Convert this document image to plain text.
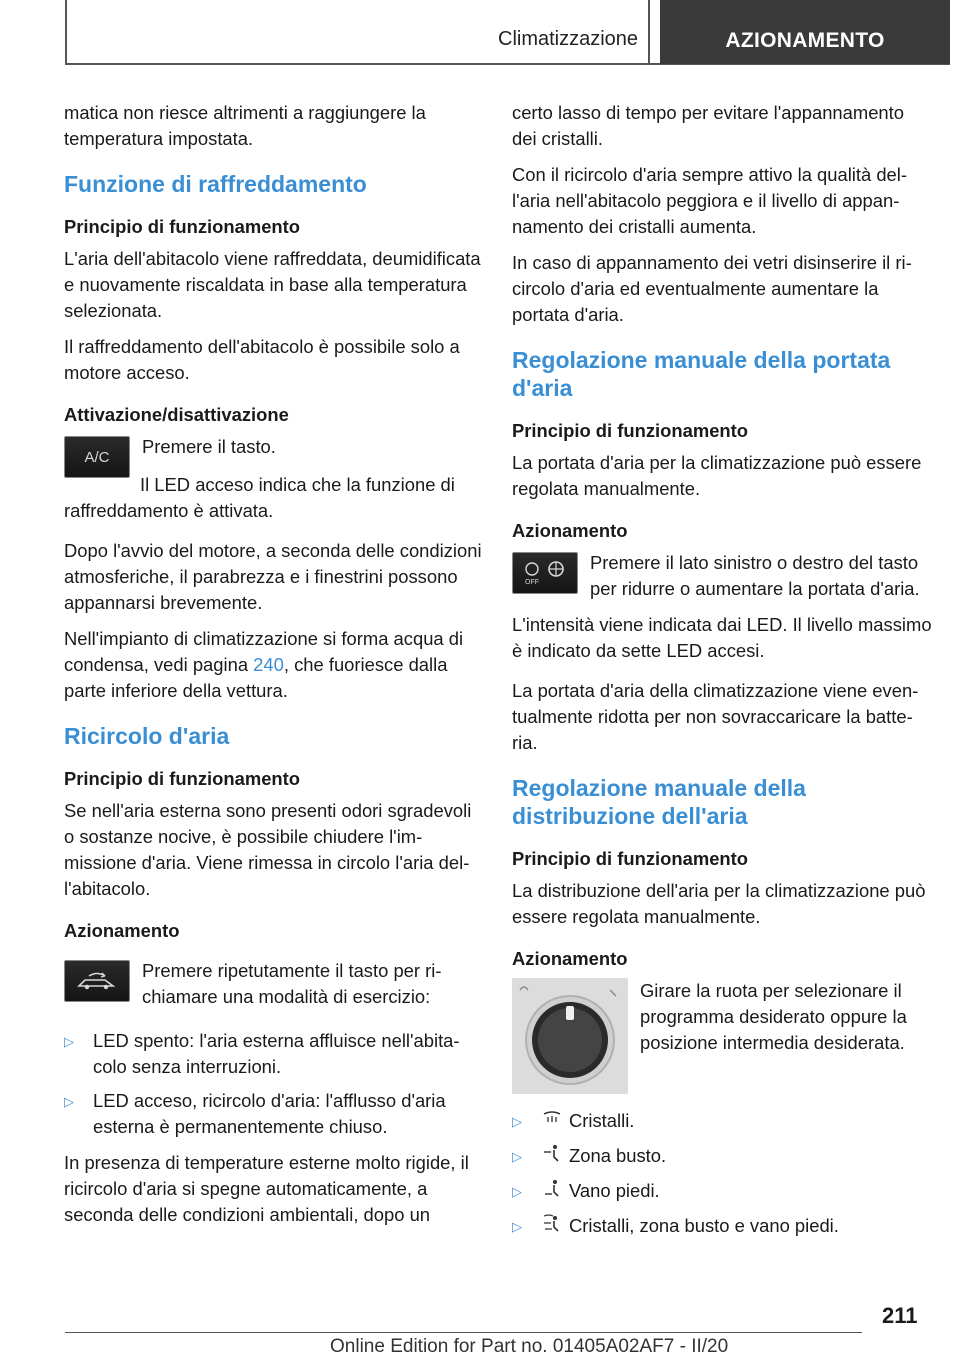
Climatizzazione	AZIONAMENTO

matica non riesce altrimenti a raggiungere la temperatura impostata.

Funzione di raffreddamento
Principio di funzionamento

L'aria dell'abitacolo viene raffreddata, deumidificata e nuovamente riscaldata in base alla temperatura selezionata.

Il raffreddamento dell'abitacolo è possibile solo a motore acceso.

Attivazione/disattivazione
A/C Premere il tasto.

Il LED acceso indica che la funzione di raffreddamento è attivata.

Dopo l'avvio del motore, a seconda delle condizioni atmosferiche, il parabrezza e i finestrini possono appannarsi brevemente.

Nell'impianto di climatizzazione si forma acqua di condensa, vedi pagina 240, che fuoriesce dalla parte inferiore della vettura.

Ricircolo d'aria
Principio di funzionamento

Se nell'aria esterna sono presenti odori sgradevoli o sostanze nocive, è possibile chiudere l'immissione d'aria. Viene rimessa in circolo l'aria dell'abitacolo.

Azionamento

Premere ripetutamente il tasto per richiamare una modalità di esercizio:

▷	LED spento: l'aria esterna affluisce nell'abitacolo senza interruzioni.
▷	LED acceso, ricircolo d'aria: l'afflusso d'aria esterna è permanentemente chiuso.

In presenza di temperature esterne molto rigide, il ricircolo d'aria si spegne automaticamente, a seconda delle condizioni ambientali, dopo un

certo lasso di tempo per evitare l'appannamento dei cristalli.

Con il ricircolo d'aria sempre attivo la qualità dell'aria nell'abitacolo peggiora e il livello di appannamento dei cristalli aumenta.

In caso di appannamento dei vetri disinserire il ricircolo d'aria ed eventualmente aumentare la portata d'aria.

Regolazione manuale della portata d'aria
Principio di funzionamento

La portata d'aria per la climatizzazione può essere regolata manualmente.

Azionamento
OFF

Premere il lato sinistro o destro del tasto per ridurre o aumentare la portata d'aria.

L'intensità viene indicata dai LED. Il livello massimo è indicato da sette LED accesi.

La portata d'aria della climatizzazione viene eventualmente ridotta per non sovraccaricare la batteria.

Regolazione manuale della distribuzione dell'aria
Principio di funzionamento

La distribuzione dell'aria per la climatizzazione può essere regolata manualmente.

Azionamento

Girare la ruota per selezionare il programma desiderato oppure la posizione intermedia desiderata.

▷	Cristalli.
▷	Zona busto.
▷	Vano piedi.
▷	Cristalli, zona busto e vano piedi.
211
Online Edition for Part no. 01405A02AF7 - II/20
